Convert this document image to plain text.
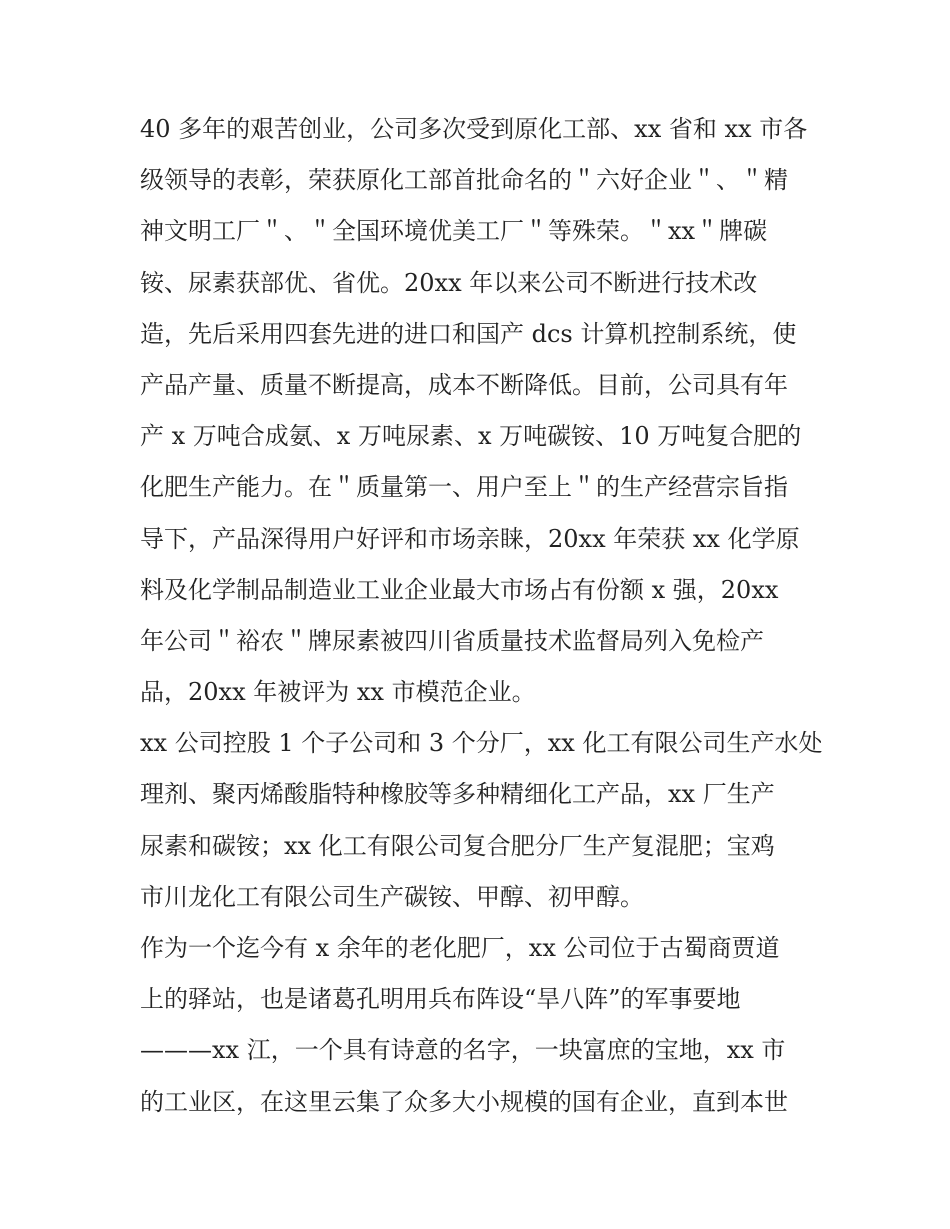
40 多年的艰苦创业，公司多次受到原化工部、xx 省和 xx 市各
级领导的表彰，荣获原化工部首批命名的＂六好企业＂、＂精
神文明工厂＂、＂全国环境优美工厂＂等殊荣。＂xx＂牌碳
铵、尿素获部优、省优。20xx 年以来公司不断进行技术改
造，先后采用四套先进的进口和国产 dcs 计算机控制系统，使
产品产量、质量不断提高，成本不断降低。目前，公司具有年
产 x 万吨合成氨、x 万吨尿素、x 万吨碳铵、10 万吨复合肥的
化肥生产能力。在＂质量第一、用户至上＂的生产经营宗旨指
导下，产品深得用户好评和市场亲睐，20xx 年荣获 xx 化学原
料及化学制品制造业工业企业最大市场占有份额 x 强，20xx
年公司＂裕农＂牌尿素被四川省质量技术监督局列入免检产
品，20xx 年被评为 xx 市模范企业。
xx 公司控股 1 个子公司和 3 个分厂，xx 化工有限公司生产水处
理剂、聚丙烯酸脂特种橡胶等多种精细化工产品，xx 厂生产
尿素和碳铵；xx 化工有限公司复合肥分厂生产复混肥；宝鸡
市川龙化工有限公司生产碳铵、甲醇、初甲醇。
作为一个迄今有 x 余年的老化肥厂，xx 公司位于古蜀商贾道
上的驿站，也是诸葛孔明用兵布阵设“旱八阵”的军事要地
———xx 江，一个具有诗意的名字，一块富庶的宝地，xx 市
的工业区，在这里云集了众多大小规模的国有企业，直到本世
